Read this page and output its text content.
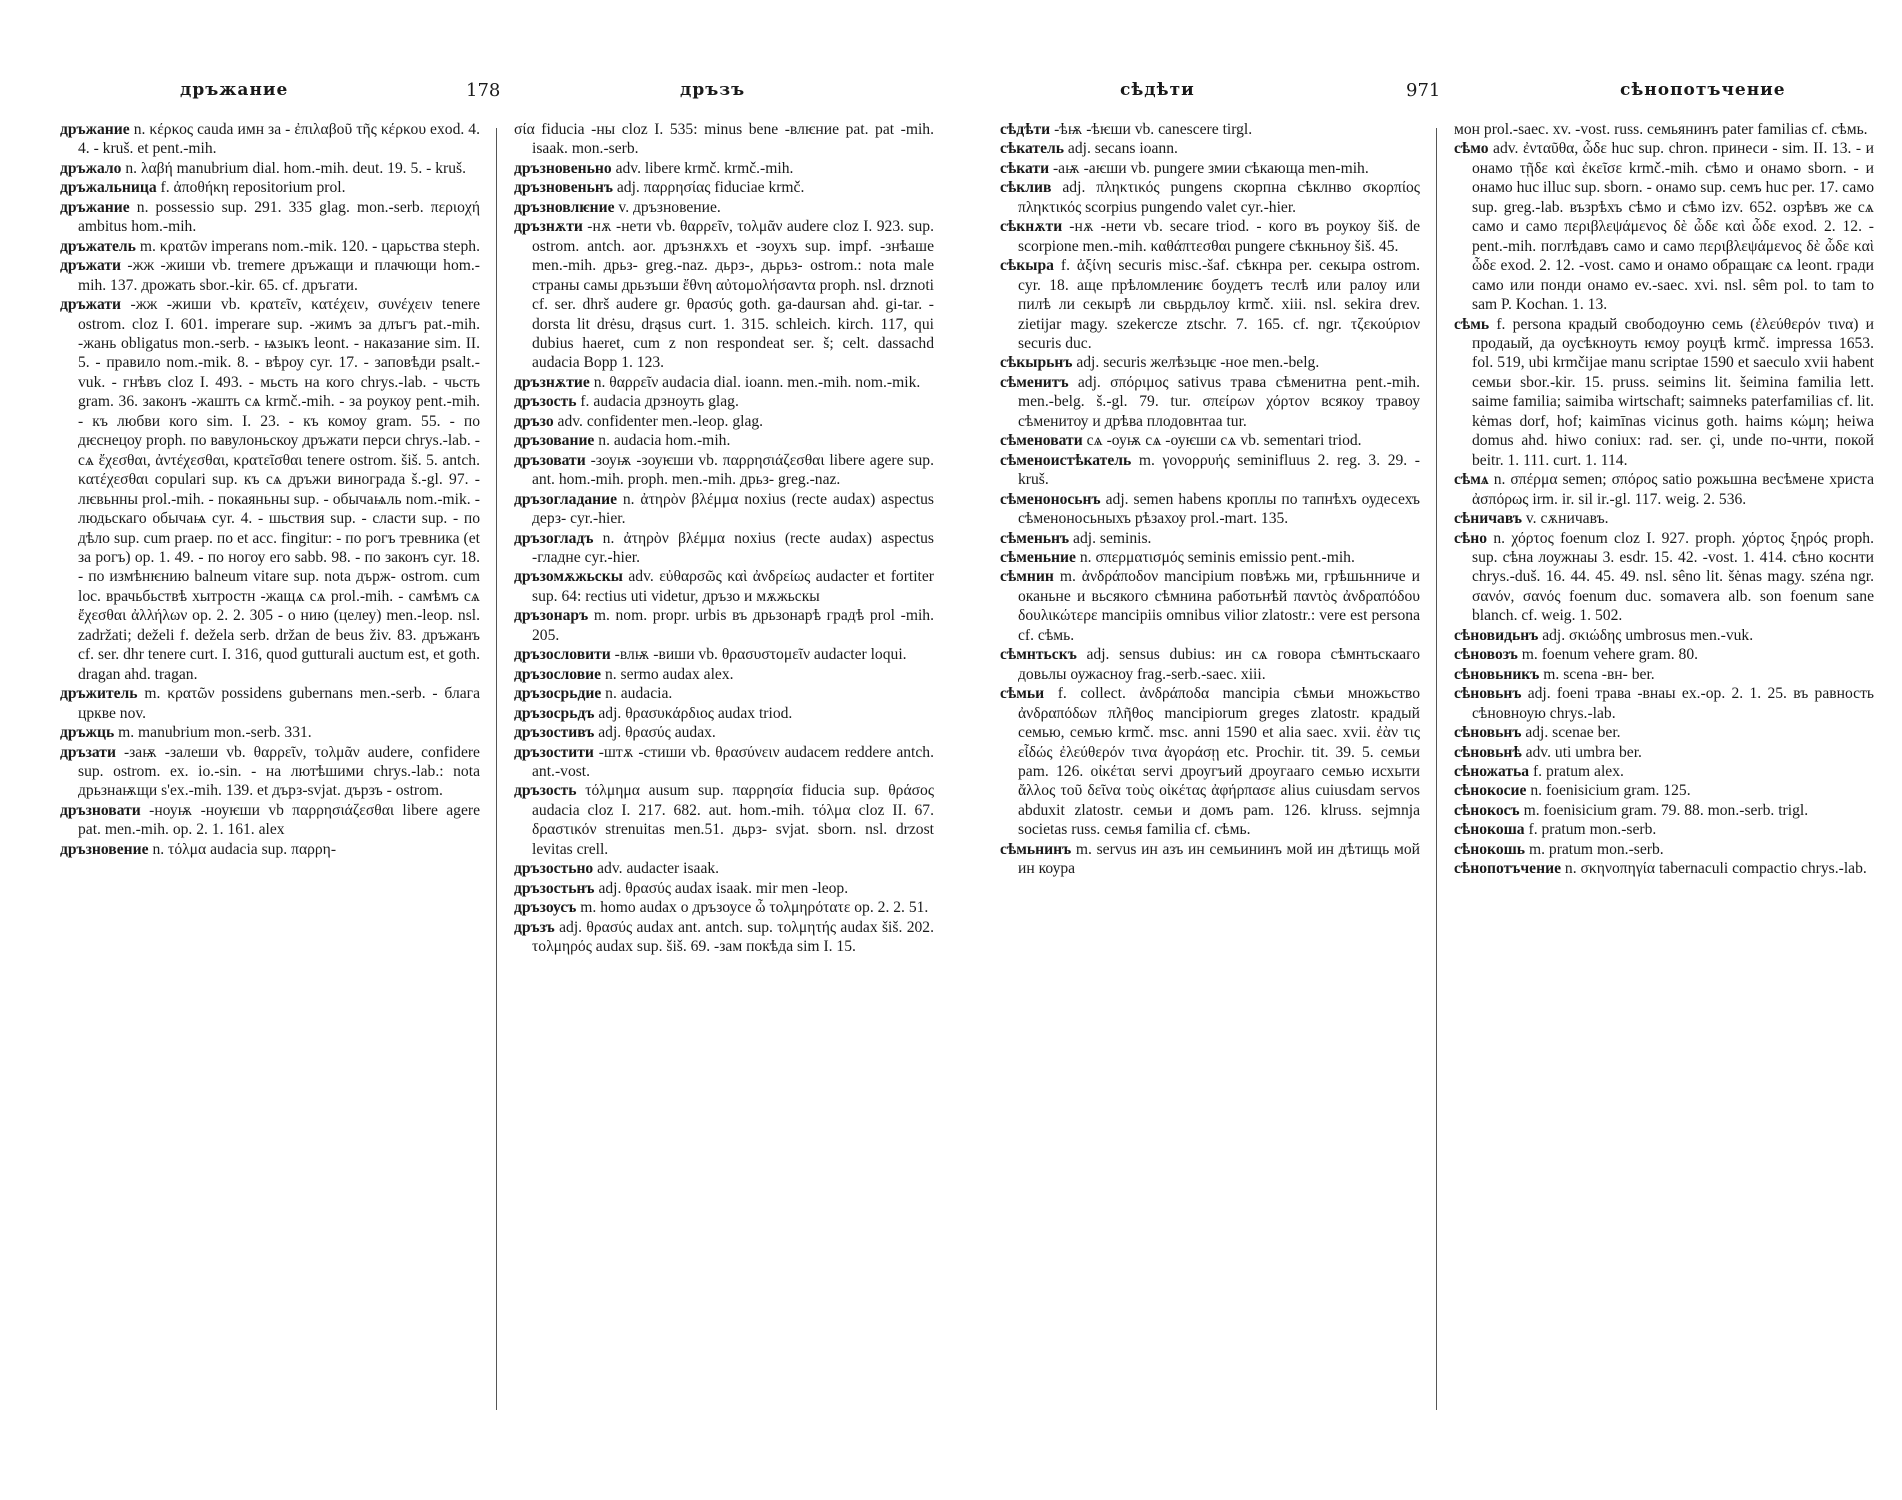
дръжание	178	дръзъ
дръжание n. κέρκος cauda имн за - ἐπιλαβοῦ τῆς κέρκου exod. 4. 4. - kruš. et pent.-mih.
дръжало n. λαβή manubrium dial. hom.-mih. deut. 19. 5. - kruš.
дръжальница f. ἀποθήκη repositorium prol.
дръжание n. possessio sup. 291. 335 glag. mon.-serb. περιοχή ambitus hom.-mih.
дръжатель m. κρατῶν imperans nom.-mik. 120. - царьства steph.
дръжати -жж -жиши vb. tremere дръжащи и плачющи hom.-mih. 137. дрожать sbor.-kir. 65. cf. дръгати.
дръжати -жж -жиши vb. κρατεῖν, κατέχειν, συνέχειν tenere ostrom. cloz I. 601. imperare sup. -жимъ за длъгъ pat.-mih. -жань obligatus mon.-serb. - ѩзыкъ leont. - наказание sim. II. 5. - правило nom.-mik. 8. - вѣроу cyr. 17. - заповѣди psalt.-vuk. - гнѣвъ cloz I. 493. - мьсть на кого chrys.-lab. - чьсть gram. 36. законъ -жашть сѧ krmč.-mih. - за роукоу pent.-mih. - къ любви кого sim. I. 23. - къ комоу gram. 55. - по дѥснецоу proph. по вавулоньскоу дръжати перси chrys.-lab. - сѧ ἔχεσθαι, ἀντέχεσθαι, κρατεῖσθαι tenere ostrom. šiš. 5. antch. κατέχεσθαι copulari sup. къ сѧ дръжи винограда š.-gl. 97. - лѥвьнны prol.-mih. - покаяньны sup. - обычаѩль nom.-mik. - людьскаго обычаѩ cyr. 4. - шьствия sup. - сласти sup. - по дѣло sup. cum praep. по et acc. fingitur: - по рогъ тревника (et за рогъ) op. 1. 49. - по ногоу его sabb. 98. - по законъ cyr. 18. - по измѣнѥнию balneum vitare sup. nota държ- ostrom. cum loc. врачьбьствѣ хытростн -жащѧ сѧ prol.-mih. - самѣмъ сѧ ἔχεσθαι ἀλλήλων op. 2. 2. 305 - о нию (целеу) men.-leop. nsl. zadržati; deželi f. dežela serb. držan de beus živ. 83. дръжанъ cf. ser. dhr tenere curt. I. 316, quod gutturali auctum est, et goth. dragan ahd. tragan.
дръжитель m. κρατῶν possidens gubernans men.-serb. - блага цркве nov.
дръжць m. manubrium mon.-serb. 331.
дръзати -заѭ -залеши vb. θαρρεῖν, τολμᾶν audere, confidere sup. ostrom. ex. io.-sin. - на лютѣшими chrys.-lab.: nota дрьзнаѭщи s'ex.-mih. 139. et дърз-svjat. дързъ - ostrom.
дръзновати -ноуѭ -ноуѥши vb παρρησιάζεσθαι libere agere pat. men.-mih. op. 2. 1. 161. alex
дръзновение n. τόλμα audacia sup. παρρη-
σία fiducia -ны cloz I. 535: minus bene -влѥние pat. pat -mih. isaak. mon.-serb.
дръзновеньно adv. libere krmč. krmč.-mih.
дръзновеньнъ adj. παρρησίας fiduciae krmč.
дръзновлѥние v. дръзновение.
дръзнѫти -нѫ -нети vb. θαρρεῖν, τολμᾶν audere cloz I. 923. sup. ostrom. antch. aor. дръзнѫхъ et -зоухъ sup. impf. -знѣаше men.-mih. дрьз- greg.-naz. дьрз-, дьрьз- ostrom.: nota male страны самы дрьзъши ἔθνη αὐτομολήσαντα proph. nsl. drznoti cf. ser. dhrš audere gr. θρασύς goth. ga-daursan ahd. gi-tar. -dorsta lit drėsu, drąsus curt. 1. 315. schleich. kirch. 117, qui dubius haeret, cum z non respondeat ser. š; celt. dassachd audacia Bopp 1. 123.
дръзнѫтие n. θαρρεῖν audacia dial. ioann. men.-mih. nom.-mik.
дръзость f. audacia дрзноуть glag.
дръзо adv. confidenter men.-leop. glag.
дръзование n. audacia hom.-mih.
дръзовати -зоуѭ -зоуѥши vb. παρρησιάζεσθαι libere agere sup. ant. hom.-mih. proph. men.-mih. дрьз- greg.-naz.
дръзогладание n. ἀτηρὸν βλέμμα noxius (recte audax) aspectus дерз- cyr.-hier.
дръзогладъ n. ἀτηρὸν βλέμμα noxius (recte audax) aspectus -гладне cyr.-hier.
дръзомѫжьскы adv. εὐθαρσῶς καὶ ἀνδρείως audacter et fortiter sup. 64: rectius uti videtur, дръзо и мѫжьскы
дръзонаръ m. nom. propr. urbis въ дрьзонарѣ градѣ prol -mih. 205.
дръзословити -влѭ -виши vb. θρασυστομεῖν audacter loqui.
дръзословие n. sermo audax alex.
дръзосрьдие n. audacia.
дръзосрьдъ adj. θρασυκάρδιος audax triod.
дръзостивъ adj. θρασύς audax.
дръзостити -штѫ -стиши vb. θρασύνειν audacem reddere antch. ant.-vost.
дръзость τόλμημα ausum sup. παρρησία fiducia sup. θράσος audacia cloz I. 217. 682. aut. hom.-mih. τόλμα cloz II. 67. δραστικόν strenuitas men.51. дьрз- svjat. sborn. nsl. drzost levitas crell.
дръзостьно adv. audacter isaak.
дръзостьнъ adj. θρασύς audax isaak. mir men -leop.
дръзоусъ m. homo audax о дръзоусе ὦ τολμηρότατε op. 2. 2. 51.
дръзъ adj. θρασύς audax ant. antch. sup. τολμητής audax šiš. 202. τολμηρός audax sup. šiš. 69. -зам покѣда sim I. 15.
сѣдѣти	971	сѣнопотъчение
сѣдѣти -ѣѭ -ѣѥши vb. canescere tirgl.
сѣкатель adj. secans ioann.
сѣкати -аѭ -аѥши vb. pungere змии сѣкающа men-mih.
сѣклив adj. πληκτικός pungens скорпна сѣклнво σκορπίος πληκτικός scorpius pungendo valet cyr.-hier.
сѣкнѫти -нѫ -нети vb. secare triod. - кого въ роукоу šiš. de scorpione men.-mih. καθάπτεσθαι pungere сѣкньноу šiš. 45.
сѣкыра f. ἀξίνη securis misc.-šaf. сѣкнра per. секыра ostrom. cyr. 18. аще прѣломлениѥ боудетъ теслѣ или ралоу или пилѣ ли секырѣ ли свьрдьлоу krmč. xiii. nsl. sekira drev. zietijar magy. szekercze ztschr. 7. 165. cf. ngr. τζεκούριον securis duc.
сѣкырьнъ adj. securis желѣзьцѥ -ное men.-belg.
сѣменитъ adj. σπόριμος sativus трава сѣменитна pent.-mih. men.-belg. š.-gl. 79. tur. σπείρων χόρτον всякоу травоу сѣменитоу и дрѣва плодовнтаа tur.
сѣменовати сѧ -оуѭ сѧ -оуѥши сѧ vb. sementari triod.
сѣменоистѣкатель m. γονορρυής seminifluus 2. reg. 3. 29. -kruš.
сѣменоносьнъ adj. semen habens кроплы по тапнѣхъ оудесехъ сѣменоносьныхъ рѣзахоу prol.-mart. 135.
сѣменьнъ adj. seminis.
сѣменьние n. σπερματισμός seminis emissio pent.-mih.
сѣмнин m. ἀνδράποδον mancipium повѣжь ми, грѣшьнниче и оканьне и вьсякого сѣмнина работьнѣй παντὸς ἀνδραπόδου δουλικώτερε mancipiis omnibus vilior zlatostr.: vere est persona cf. сѣмь.
сѣмнтьскъ adj. sensus dubius: ин сѧ говора сѣмнтьскааго довьлы оужасноу frag.-serb.-saec. xiii.
сѣмьи f. collect. ἀνδράποδα mancipia сѣмьи множьство ἀνδραπόδων πλῆθος mancipiorum greges zlatostr. крадый семью, семью krmč. msc. anni 1590 et alia saec. xvii. ἐὰν τις εἶδώς ἐλεύθερόν τινα ἀγοράσῃ etc. Prochir. tit. 39. 5. семьи pam. 126. οἰκέται servi дроугъий дроугааго семью исхыти ἄλλος τοῦ δεῖνα τοὺς οἰκέτας ἀφήρπασε alius cuiusdam servos abduxit zlatostr. семьи и домъ pam. 126. klruss. sejmnja societas russ. семья familia cf. сѣмь.
сѣмьнинъ m. servus ин азъ ин семьининъ мой ин дѣтищь мой ин коура
мон prol.-saec. xv. -vost. russ. семьянинъ pater familias cf. сѣмь.
сѣмо adv. ἐνταῦθα, ὧδε huc sup. chron. принеси - sim. II. 13. - и онамо τῇδε καὶ ἐκεῖσε krmč.-mih. сѣмо и онамо sborn. - и онамо huc illuc sup. sborn. - онамо sup. семъ huc per. 17. само sup. greg.-lab. възрѣхъ сѣмо и сѣмо izv. 652. озрѣвъ же сѧ само и само περιβλεψάμενος δὲ ὧδε καὶ ὧδε exod. 2. 12. -pent.-mih. поглѣдавъ само и само περιβλεψάμενος δὲ ὧδε καὶ ὧδε exod. 2. 12. -vost. само и онамо обращаѥ сѧ leont. гради само или понди онамо ev.-saec. xvi. nsl. sêm pol. to tam to sam P. Kochan. 1. 13.
сѣмь f. persona крадый свободоуню семь (ἐλεύθερόν τινα) и продаый, да оусѣкноуть ѥмоу роуцѣ krmč. impressa 1653. fol. 519, ubi krmčijae manu scriptae 1590 et saeculo xvii habent семьи sbor.-kir. 15. pruss. seimins lit. šeimina familia lett. saime familia; saimiba wirtschaft; saimneks paterfamilias cf. lit. kėmas dorf, hof; kaimīnas vicinus goth. haims κώμη; heiwa domus ahd. hiwo coniux: rad. ser. çi, unde по-чнти, покой beitr. 1. 111. curt. 1. 114.
сѣмѧ n. σπέρμα semen; σπόρος satio рожьшна весѣмене христа ἀσπόρως irm. ir. sil ir.-gl. 117. weig. 2. 536.
сѣничавъ v. сѫничавъ.
сѣно n. χόρτος foenum cloz I. 927. proph. χόρτος ξηρός proph. sup. сѣна лоужнаы 3. esdr. 15. 42. -vost. 1. 414. сѣно коснти chrys.-duš. 16. 44. 45. 49. nsl. sêno lit. šėnas magy. széna ngr. σανόν, σανός foenum duc. somavera alb. son foenum sane blanch. cf. weig. 1. 502.
сѣновидьнъ adj. σκιώδης umbrosus men.-vuk.
сѣновозъ m. foenum vehere gram. 80.
сѣновьникъ m. scena -вн- ber.
сѣновьнъ adj. foeni трава -внаы ex.-op. 2. 1. 25. въ равность сѣновноую chrys.-lab.
сѣновьнъ adj. scenae ber.
сѣновьнѣ adv. uti umbra ber.
сѣножатьа f. pratum alex.
сѣнокосие n. foenisicium gram. 125.
сѣнокосъ m. foenisicium gram. 79. 88. mon.-serb. trigl.
сѣнокоша f. pratum mon.-serb.
сѣнокошь m. pratum mon.-serb.
сѣнопотъчение n. σκηνοπηγία tabernaculi compactio chrys.-lab.
